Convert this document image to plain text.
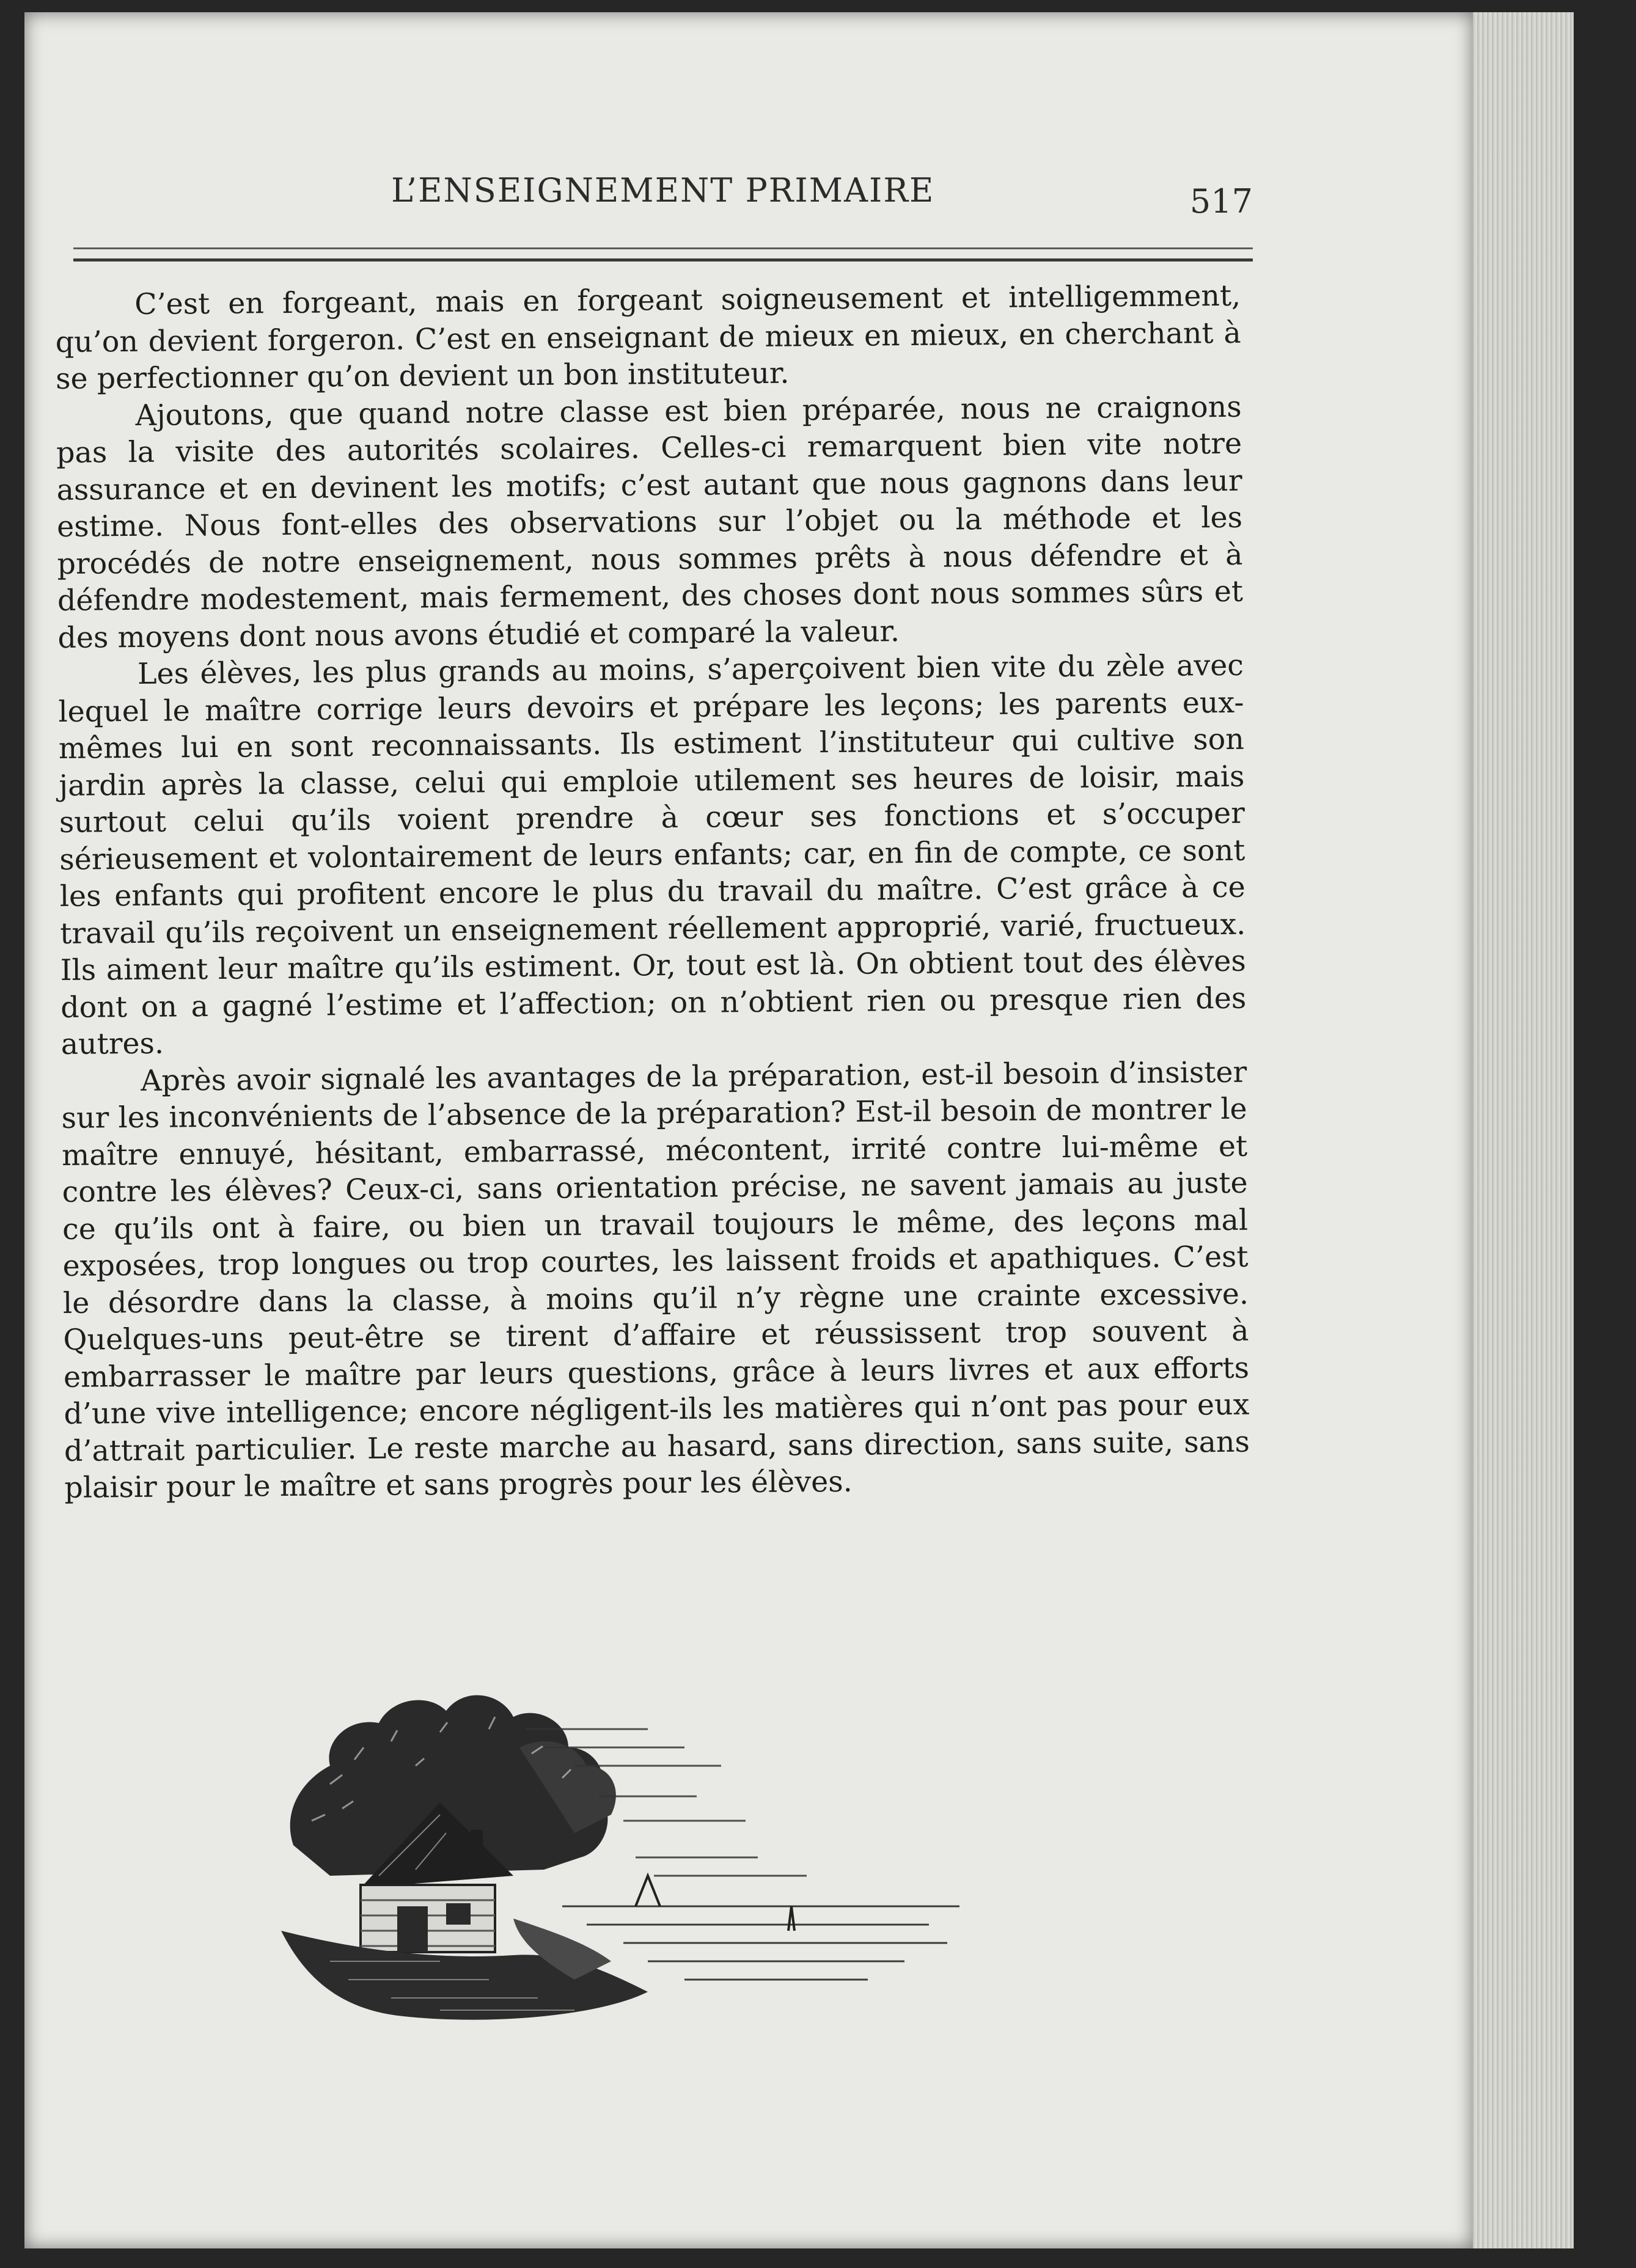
L’ENSEIGNEMENT PRIMAIRE	517

C’est en forgeant, mais en forgeant soigneusement et intelligemment, qu’on devient forgeron. C’est en enseignant de mieux en mieux, en cherchant à se perfectionner qu’on devient un bon instituteur.

Ajoutons, que quand notre classe est bien préparée, nous ne craignons pas la visite des autorités scolaires. Celles-ci remarquent bien vite notre assurance et en devinent les motifs; c’est autant que nous gagnons dans leur estime. Nous font-elles des observations sur l’objet ou la méthode et les procédés de notre enseignement, nous sommes prêts à nous défendre et à défendre modestement, mais fermement, des choses dont nous sommes sûrs et des moyens dont nous avons étudié et comparé la valeur.

Les élèves, les plus grands au moins, s’aperçoivent bien vite du zèle avec lequel le maître corrige leurs devoirs et prépare les leçons; les parents eux-mêmes lui en sont reconnaissants. Ils estiment l’instituteur qui cultive son jardin après la classe, celui qui emploie utilement ses heures de loisir, mais surtout celui qu’ils voient prendre à cœur ses fonctions et s’occuper sérieusement et volontairement de leurs enfants; car, en fin de compte, ce sont les enfants qui profitent encore le plus du travail du maître. C’est grâce à ce travail qu’ils reçoivent un enseignement réellement approprié, varié, fructueux. Ils aiment leur maître qu’ils estiment. Or, tout est là. On obtient tout des élèves dont on a gagné l’estime et l’affection; on n’obtient rien ou presque rien des autres.

Après avoir signalé les avantages de la préparation, est-il besoin d’insister sur les inconvénients de l’absence de la préparation? Est-il besoin de montrer le maître ennuyé, hésitant, embarrassé, mécontent, irrité contre lui-même et contre les élèves? Ceux-ci, sans orientation précise, ne savent jamais au juste ce qu’ils ont à faire, ou bien un travail toujours le même, des leçons mal exposées, trop longues ou trop courtes, les laissent froids et apathiques. C’est le désordre dans la classe, à moins qu’il n’y règne une crainte excessive. Quelques-uns peut-être se tirent d’affaire et réussissent trop souvent à embarrasser le maître par leurs questions, grâce à leurs livres et aux efforts d’une vive intelligence; encore négligent-ils les matières qui n’ont pas pour eux d’attrait particulier. Le reste marche au hasard, sans direction, sans suite, sans plaisir pour le maître et sans progrès pour les élèves.
